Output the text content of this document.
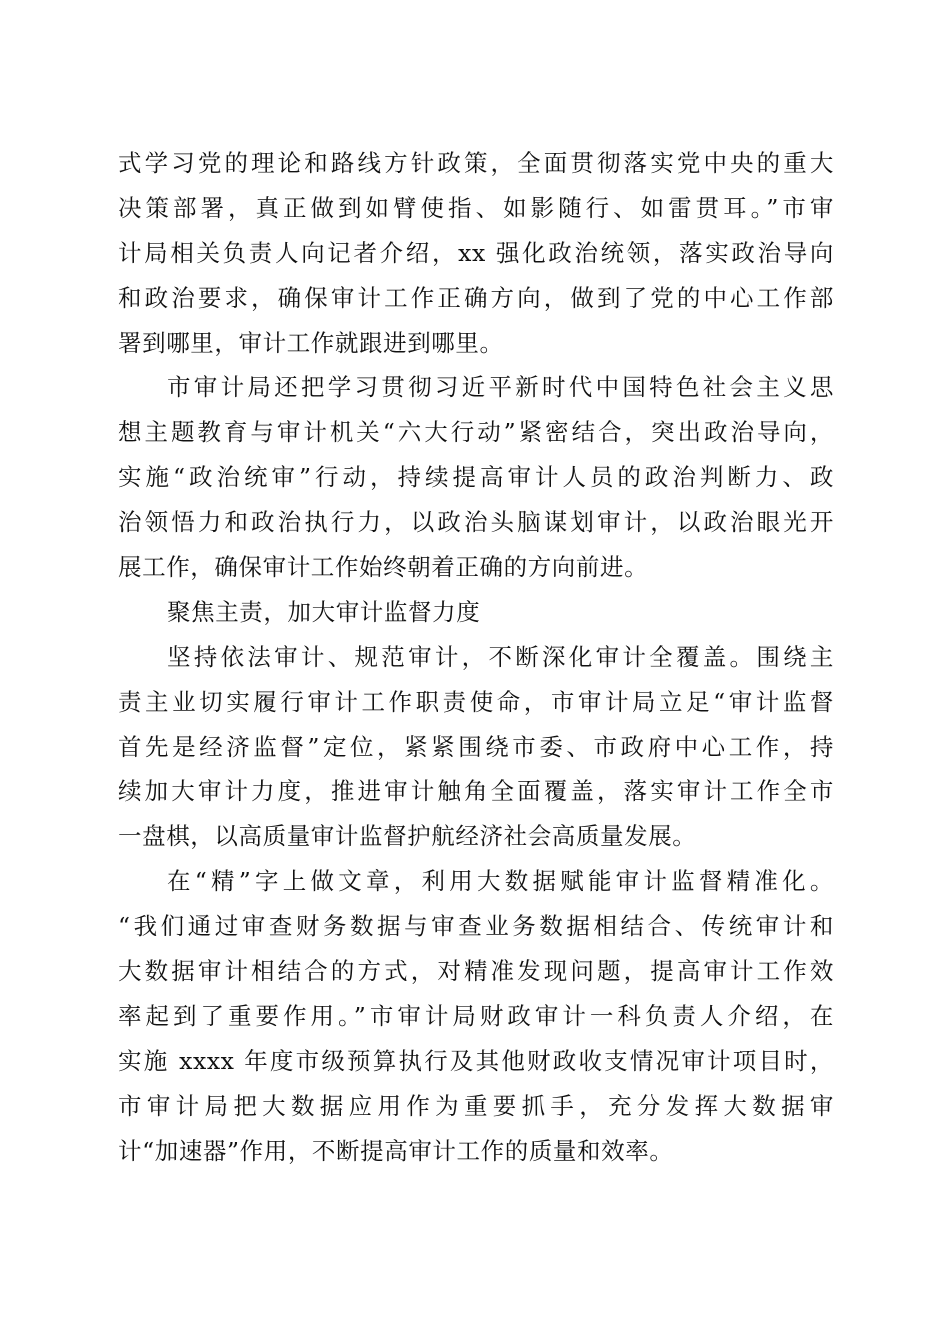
式学习党的理论和路线方针政策，全面贯彻落实党中央的重大
决策部署，真正做到如臂使指、如影随行、如雷贯耳。”市审
计局相关负责人向记者介绍，xx 强化政治统领，落实政治导向
和政治要求，确保审计工作正确方向，做到了党的中心工作部
署到哪里，审计工作就跟进到哪里。
市审计局还把学习贯彻习近平新时代中国特色社会主义思
想主题教育与审计机关“六大行动”紧密结合，突出政治导向，
实施“政治统审”行动，持续提高审计人员的政治判断力、政
治领悟力和政治执行力，以政治头脑谋划审计，以政治眼光开
展工作，确保审计工作始终朝着正确的方向前进。
聚焦主责，加大审计监督力度
坚持依法审计、规范审计，不断深化审计全覆盖。围绕主
责主业切实履行审计工作职责使命，市审计局立足“审计监督
首先是经济监督”定位，紧紧围绕市委、市政府中心工作，持
续加大审计力度，推进审计触角全面覆盖，落实审计工作全市
一盘棋，以高质量审计监督护航经济社会高质量发展。
在“精”字上做文章，利用大数据赋能审计监督精准化。
“我们通过审查财务数据与审查业务数据相结合、传统审计和
大数据审计相结合的方式，对精准发现问题，提高审计工作效
率起到了重要作用。”市审计局财政审计一科负责人介绍，在
实施 xxxx 年度市级预算执行及其他财政收支情况审计项目时，
市审计局把大数据应用作为重要抓手，充分发挥大数据审
计“加速器”作用，不断提高审计工作的质量和效率。
